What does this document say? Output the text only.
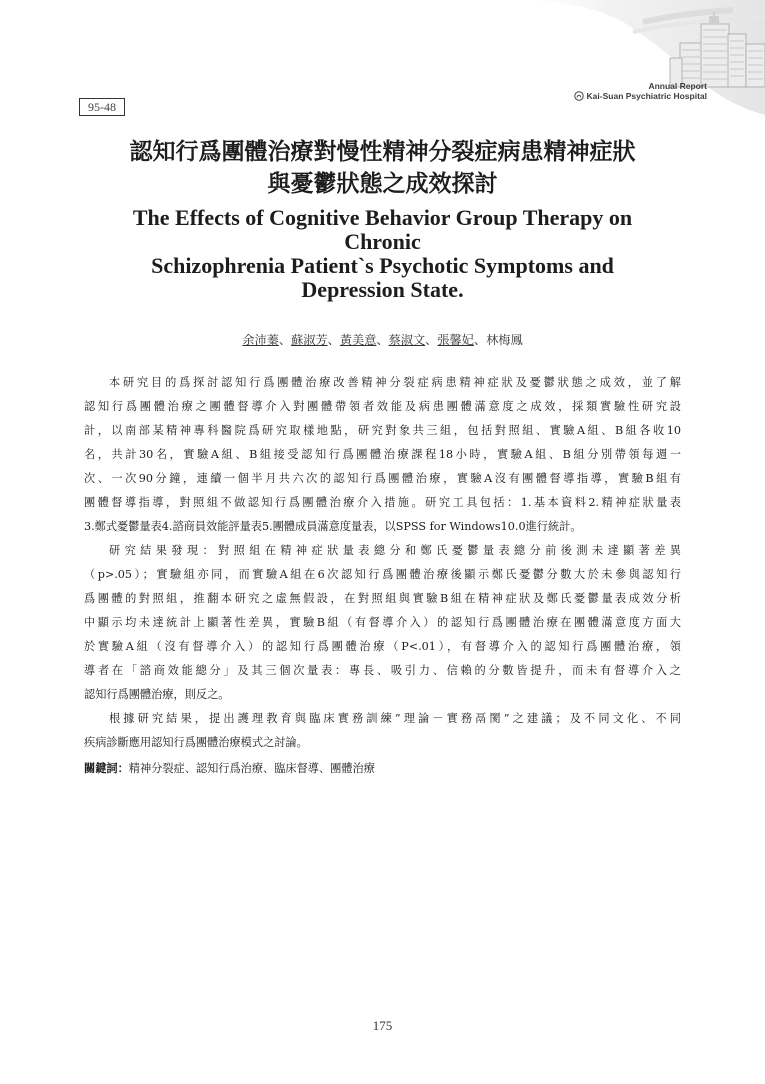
Annual Report
Kai-Suan Psychiatric Hospital
95-48
認知行爲團體治療對慢性精神分裂症病患精神症狀
與憂鬱狀態之成效探討
The Effects of Cognitive Behavior Group Therapy on
Chronic
Schizophrenia Patient`s Psychotic Symptoms and
Depression State.
余沛蓁、蘇淑芳、黃美意、蔡淑文、張馨妃、林梅鳳
本研究目的爲探討認知行爲團體治療改善精神分裂症病患精神症狀及憂鬱狀態之成效，並了解
認知行爲團體治療之團體督導介入對團體帶領者效能及病患團體滿意度之成效，採類實驗性研究設
計，以南部某精神專科醫院爲研究取樣地點，研究對象共三組，包括對照組、實驗A組、B組各收10
名，共計30名，實驗A組、B組接受認知行爲團體治療課程18小時，實驗A組、B組分別帶領每週一
次、一次90分鐘，連續一個半月共六次的認知行爲團體治療，實驗A沒有團體督導指導，實驗B組有
團體督導指導，對照組不做認知行爲團體治療介入措施。研究工具包括：1.基本資料2.精神症狀量表
3.鄭式憂鬱量表4.諮商員效能評量表5.團體成員滿意度量表，以SPSS for Windows10.0進行統計。
研究結果發現：對照組在精神症狀量表總分和鄭氏憂鬱量表總分前後測未達顯著差異
（p>.05）；實驗組亦同，而實驗A組在6次認知行爲團體治療後顯示鄭氏憂鬱分數大於未參與認知行
爲團體的對照組，推翻本研究之虛無假設，在對照組與實驗B組在精神症狀及鄭氏憂鬱量表成效分析
中顯示均未達統計上顯著性差異，實驗B組（有督導介入）的認知行爲團體治療在團體滿意度方面大
於實驗A組（沒有督導介入）的認知行爲團體治療（P<.01），有督導介入的認知行爲團體治療，領
導者在「諮商效能總分」及其三個次量表：專長、吸引力、信賴的分數皆提升，而未有督導介入之
認知行爲團體治療，則反之。
根據研究結果，提出護理教育與臨床實務訓練”理論－實務鬲閡”之建議；及不同文化、不同
疾病診斷應用認知行爲團體治療模式之討論。
關鍵詞：精神分裂症、認知行爲治療、臨床督導、團體治療
175
